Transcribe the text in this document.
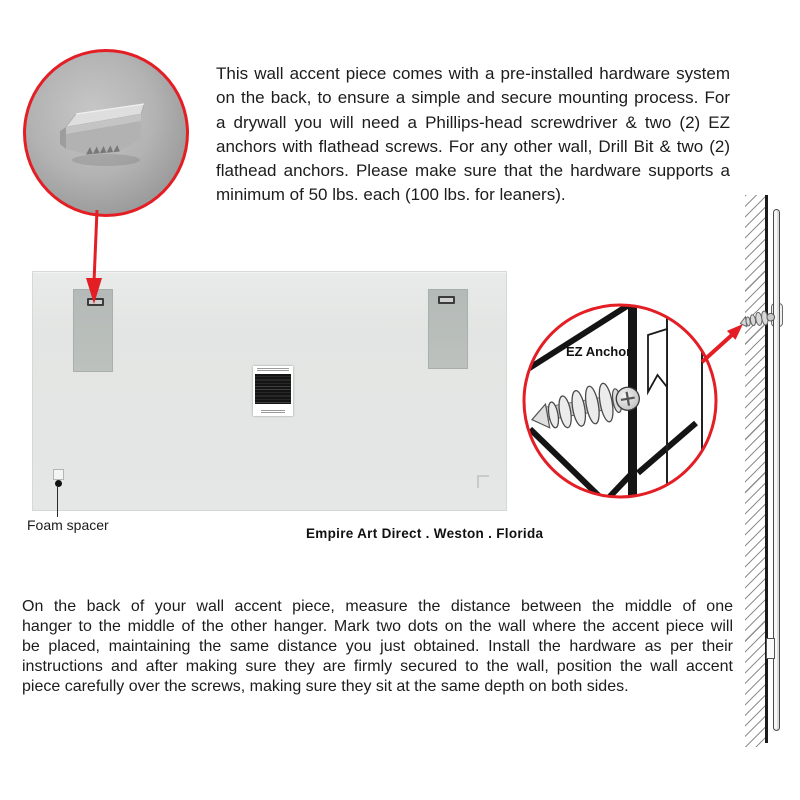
This wall accent piece comes with a pre-installed hardware system
on the back, to ensure a simple and secure mounting process. For
a drywall you will need a Phillips-head screwdriver & two (2) EZ
anchors with flathead screws. For any other wall, Drill Bit & two (2)
flathead anchors. Please make sure that the hardware supports a
minimum of 50 lbs. each (100 lbs. for leaners).
Foam spacer
Empire Art Direct . Weston . Florida
EZ Anchor
On the back of your wall accent piece, measure the distance between the middle of one
hanger to the middle of the other hanger. Mark two dots on the wall where the accent piece will
be placed, maintaining the same distance you just obtained. Install the hardware as per their
instructions and after making sure they are firmly secured to the wall, position the wall accent
piece carefully over the screws, making sure they sit at the same depth on both sides.
